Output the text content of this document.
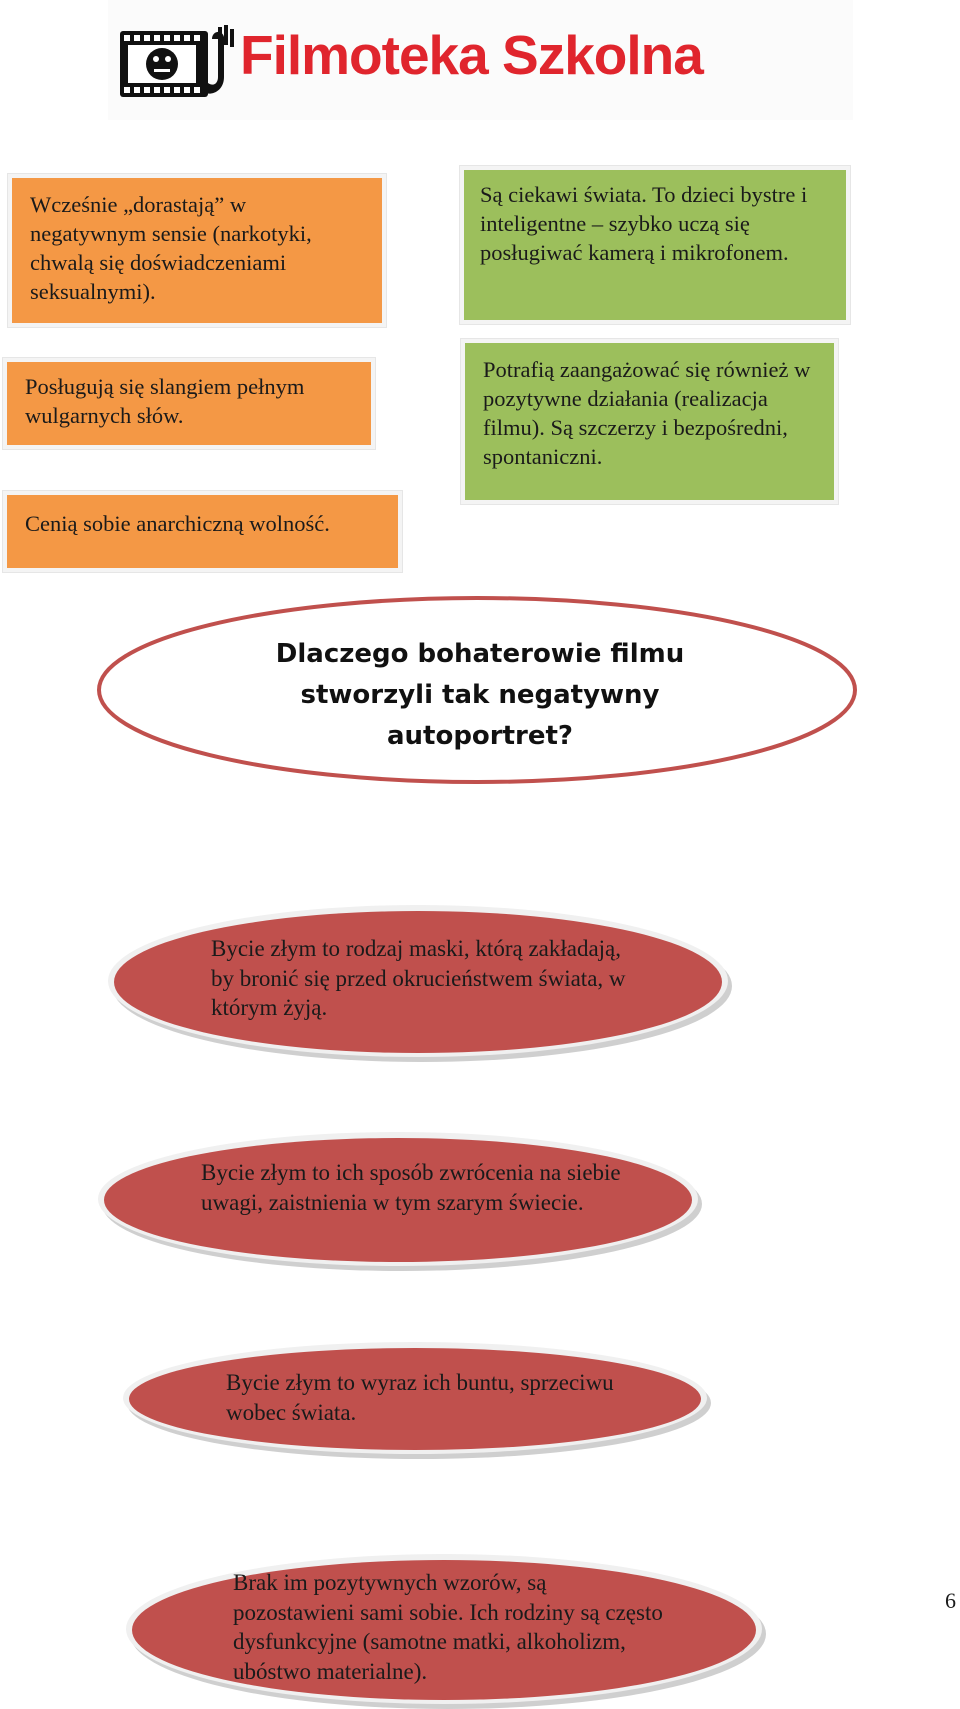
Filmoteka Szkolna
Wcześnie „dorastają” w negatywnym sensie (narkotyki, chwalą się doświadczeniami seksualnymi).
Są ciekawi świata. To dzieci bystre i inteligentne – szybko uczą się posługiwać kamerą i mikrofonem.
Posługują się slangiem pełnym wulgarnych słów.
Potrafią zaangażować się również w pozytywne działania (realizacja filmu). Są szczerzy i bezpośredni, spontaniczni.
Cenią sobie anarchiczną wolność.
Dlaczego bohaterowie filmu stworzyli tak negatywny autoportret?
Bycie złym to rodzaj maski, którą zakładają, by bronić się przed okrucieństwem świata, w którym żyją.
Bycie złym to ich sposób zwrócenia na siebie uwagi, zaistnienia w tym szarym świecie.
Bycie złym to wyraz ich buntu, sprzeciwu wobec świata.
Brak im pozytywnych wzorów, są pozostawieni sami sobie. Ich rodziny są często dysfunkcyjne (samotne matki, alkoholizm, ubóstwo materialne).
6
